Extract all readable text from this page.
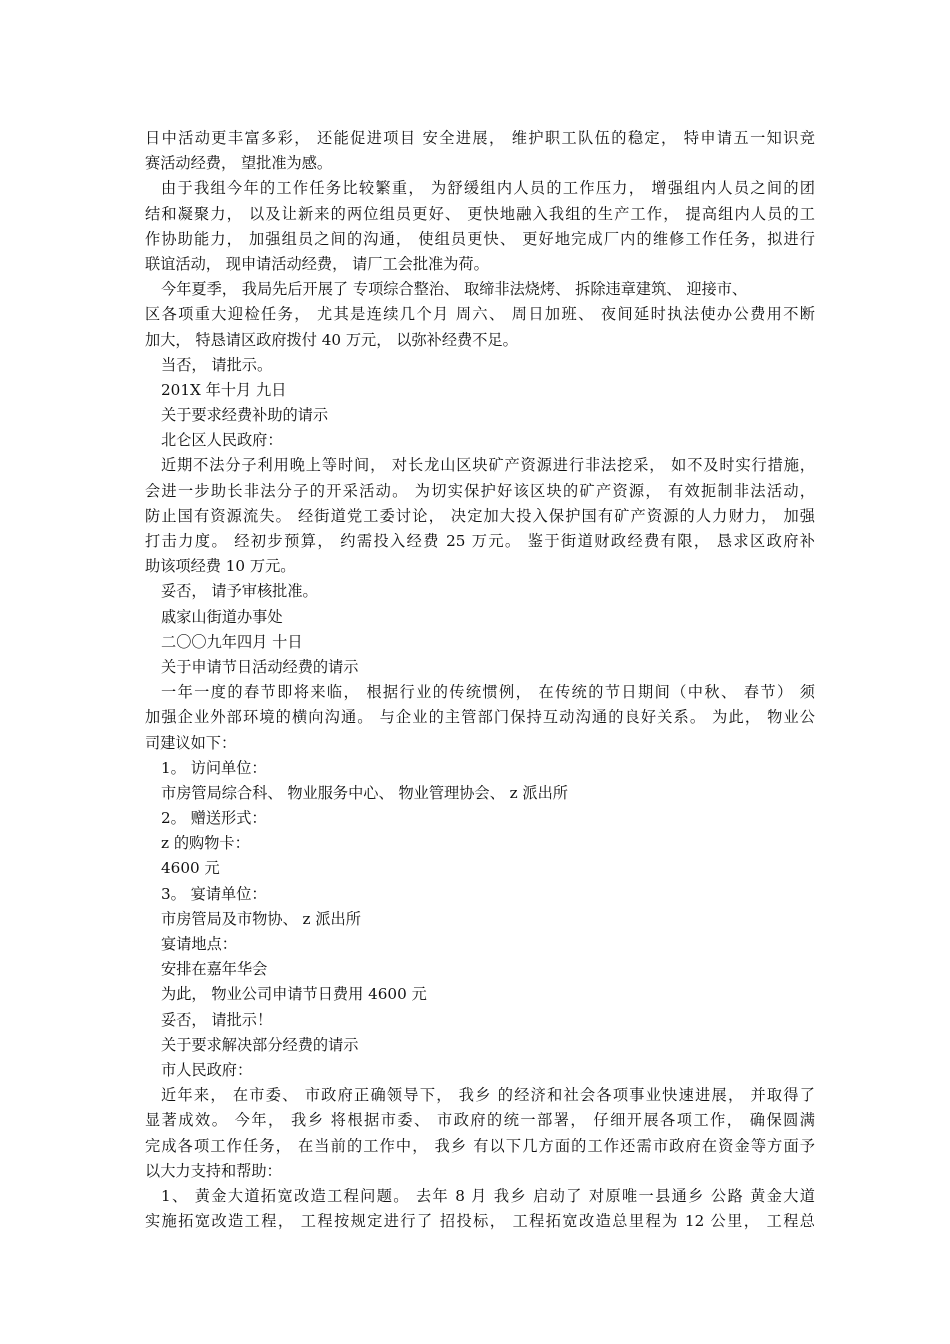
日中活动更丰富多彩， 还能促进项目 安全进展， 维护职工队伍的稳定， 特申请五一知识竞
赛活动经费， 望批准为感。
由于我组今年的工作任务比较繁重， 为舒缓组内人员的工作压力， 增强组内人员之间的团
结和凝聚力， 以及让新来的两位组员更好、 更快地融入我组的生产工作， 提高组内人员的工
作协助能力， 加强组员之间的沟通， 使组员更快、 更好地完成厂内的维修工作任务，拟进行
联谊活动， 现申请活动经费， 请厂工会批准为荷。
今年夏季， 我局先后开展了 专项综合整治、 取缔非法烧烤、 拆除违章建筑、 迎接市、
区各项重大迎检任务， 尤其是连续几个月 周六、 周日加班、 夜间延时执法使办公费用不断
加大， 特恳请区政府拨付 40 万元， 以弥补经费不足。
当否， 请批示。
201X 年十月 九日
关于要求经费补助的请示
北仑区人民政府：
近期不法分子利用晚上等时间， 对长龙山区块矿产资源进行非法挖采， 如不及时实行措施，
会进一步助长非法分子的开采活动。 为切实保护好该区块的矿产资源， 有效扼制非法活动，
防止国有资源流失。 经街道党工委讨论， 决定加大投入保护国有矿产资源的人力财力， 加强
打击力度。 经初步预算， 约需投入经费 25 万元。 鉴于街道财政经费有限， 恳求区政府补
助该项经费 10 万元。
妥否， 请予审核批准。
戚家山街道办事处
二〇〇九年四月 十日
关于申请节日活动经费的请示
一年一度的春节即将来临， 根据行业的传统惯例， 在传统的节日期间（中秋、 春节） 须
加强企业外部环境的横向沟通。 与企业的主管部门保持互动沟通的良好关系。 为此， 物业公
司建议如下：
1。 访问单位：
市房管局综合科、 物业服务中心、 物业管理协会、 z 派出所
2。 赠送形式：
z 的购物卡：
4600 元
3。 宴请单位：
市房管局及市物协、 z 派出所
宴请地点：
安排在嘉年华会
为此， 物业公司申请节日费用 4600 元
妥否， 请批示！
关于要求解决部分经费的请示
市人民政府：
近年来， 在市委、 市政府正确领导下， 我乡 的经济和社会各项事业快速进展， 并取得了
显著成效。 今年， 我乡 将根据市委、 市政府的统一部署， 仔细开展各项工作， 确保圆满
完成各项工作任务， 在当前的工作中， 我乡 有以下几方面的工作还需市政府在资金等方面予
以大力支持和帮助：
1、 黄金大道拓宽改造工程问题。 去年 8 月 我乡 启动了 对原唯一县通乡 公路 黄金大道
实施拓宽改造工程， 工程按规定进行了 招投标， 工程拓宽改造总里程为 12 公里， 工程总
